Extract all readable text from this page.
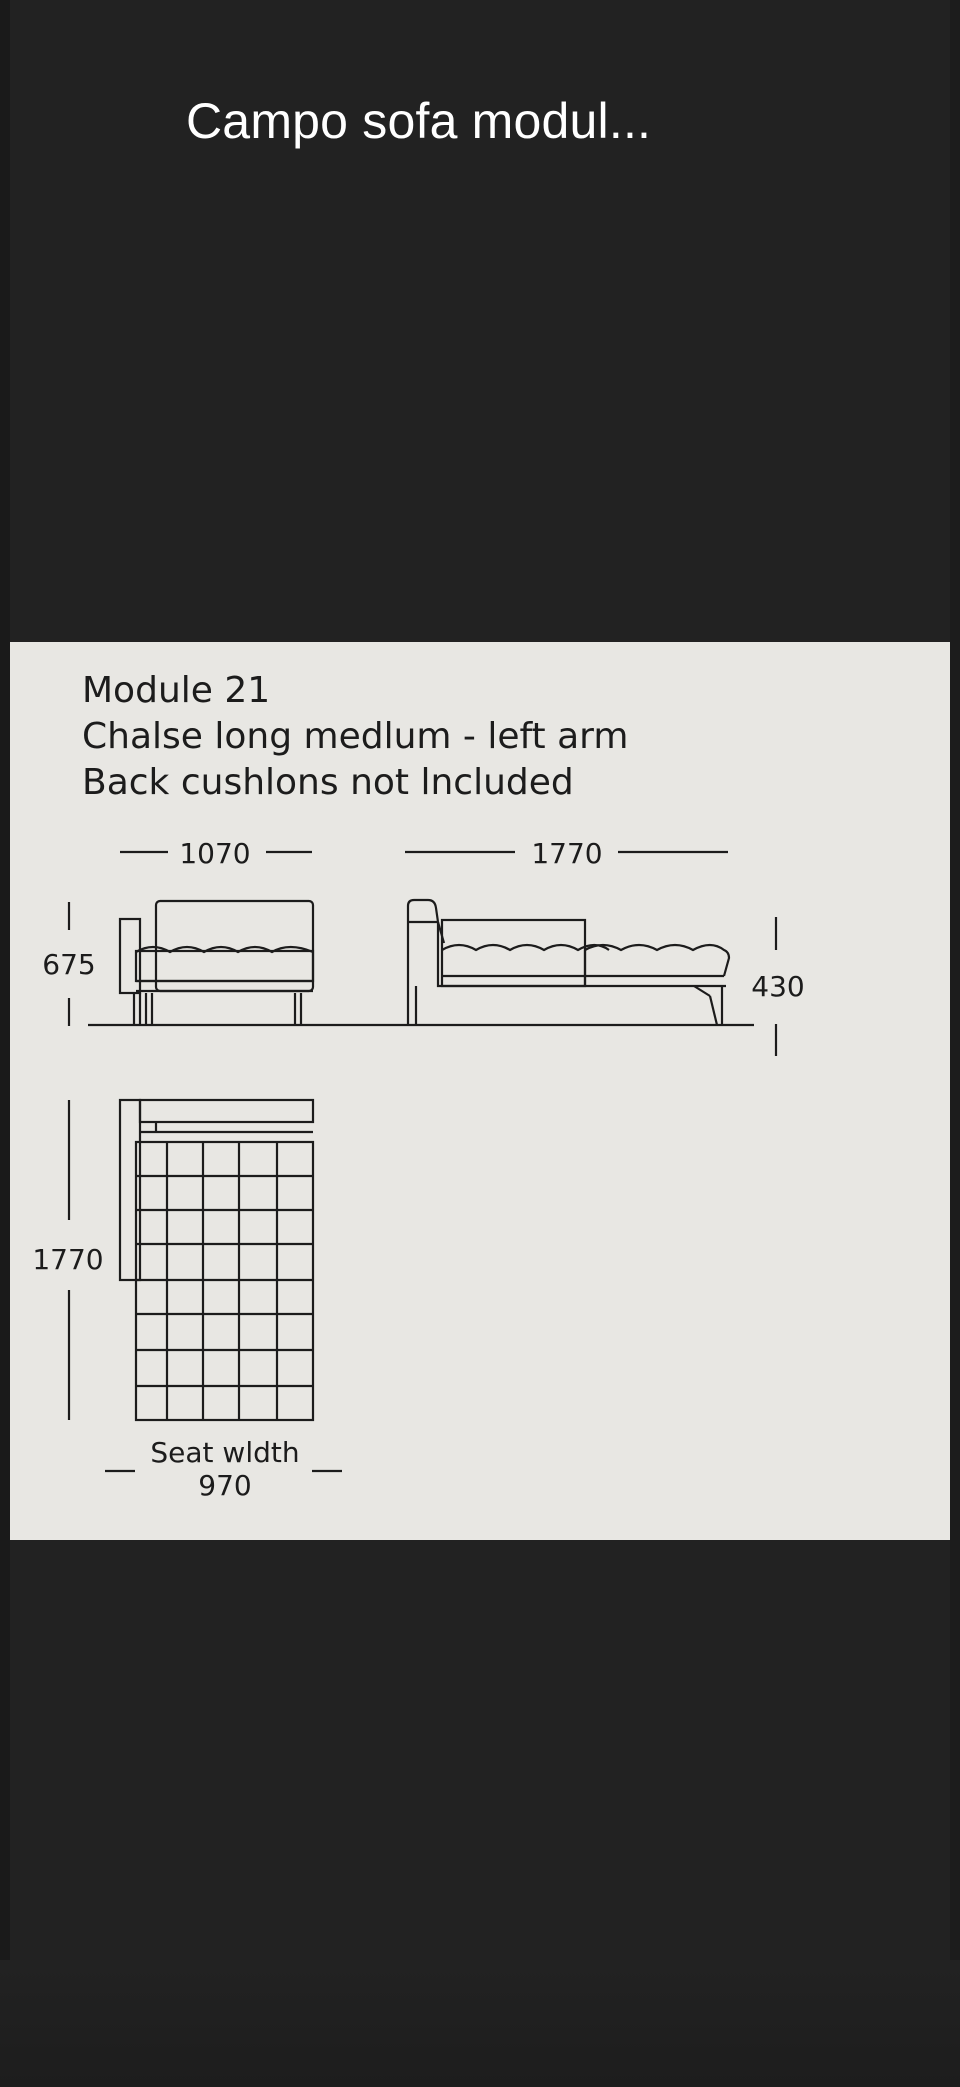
Campo sofa modul...
Module 21
Chalse long medlum - left arm
Back cushlons not lncluded
1070	1770
675
430
1770
Seat wldth
970
